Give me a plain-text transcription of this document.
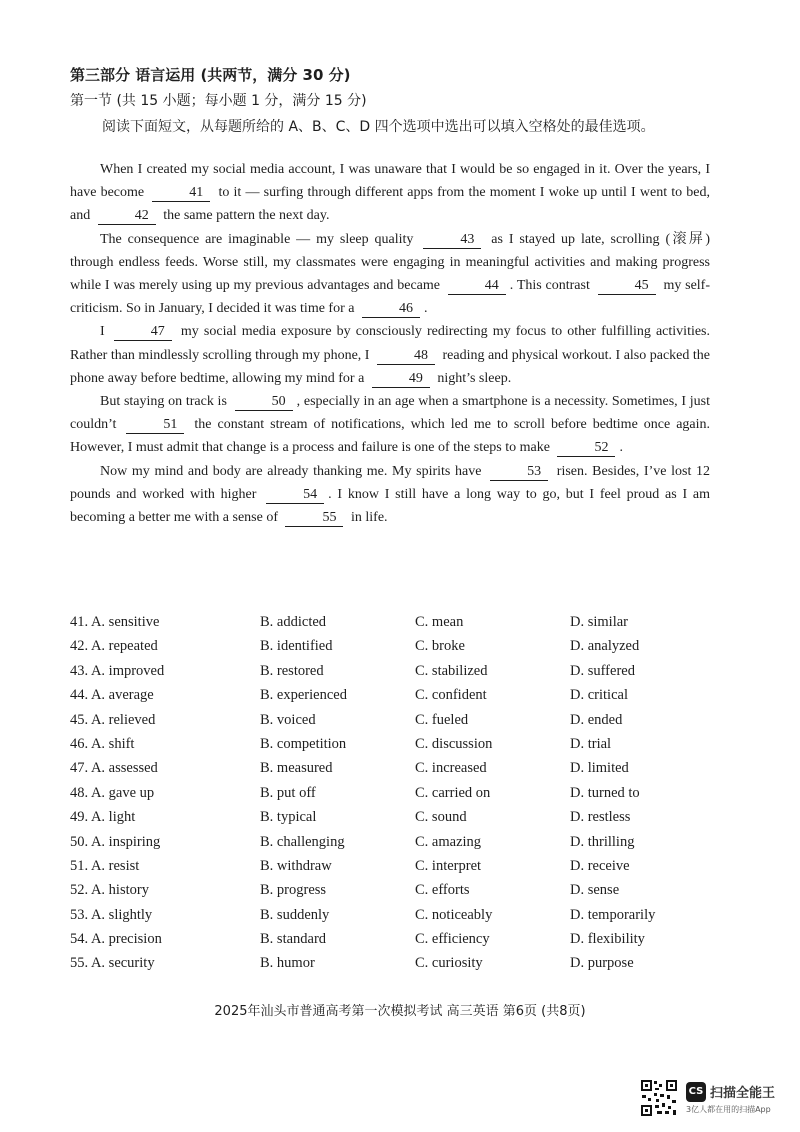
第三部分 语言运用 (共两节，满分 30 分)
第一节 (共 15 小题；每小题 1 分，满分 15 分)
阅读下面短文，从每题所给的 A、B、C、D 四个选项中选出可以填入空格处的最佳选项。

When I created my social media account, I was unaware that I would be so engaged in it. Over the years, I have become	41 to it — surfing through different apps from the moment I woke up until I went to bed, and	42 the same pattern the next day.

The consequence are imaginable — my sleep quality	43 as I stayed up late, scrolling (滚屏) through endless feeds. Worse still, my classmates were engaging in meaningful activities and making progress while I was merely using up my previous advantages and became	44 . This contrast	45 my self-criticism. So in January, I decided it was time for a	46 .

I	47 my social media exposure by consciously redirecting my focus to other fulfilling activities. Rather than mindlessly scrolling through my phone, I	48 reading and physical workout. I also packed the phone away before bedtime, allowing my mind for a	49 night’s sleep.

But staying on track is	50 , especially in an age when a smartphone is a necessity. Sometimes, I just couldn’t	51 the constant stream of notifications, which led me to scroll before bedtime once again. However, I must admit that change is a process and failure is one of the steps to make	52 .

Now my mind and body are already thanking me. My spirits have	53 risen. Besides, I’ve lost 12 pounds and worked with higher	54 . I know I still have a long way to go, but I feel proud as I am becoming a better me with a sense of	55 in life.

41. A. sensitive	B. addicted	C. mean	D. similar
42. A. repeated	B. identified	C. broke	D. analyzed
43. A. improved	B. restored	C. stabilized	D. suffered
44. A. average	B. experienced	C. confident	D. critical
45. A. relieved	B. voiced	C. fueled	D. ended
46. A. shift	B. competition	C. discussion	D. trial
47. A. assessed	B. measured	C. increased	D. limited
48. A. gave up	B. put off	C. carried on	D. turned to
49. A. light	B. typical	C. sound	D. restless
50. A. inspiring	B. challenging	C. amazing	D. thrilling
51. A. resist	B. withdraw	C. interpret	D. receive
52. A. history	B. progress	C. efforts	D. sense
53. A. slightly	B. suddenly	C. noticeably	D. temporarily
54. A. precision	B. standard	C. efficiency	D. flexibility
55. A. security	B. humor	C. curiosity	D. purpose
2025年汕头市普通高考第一次模拟考试 高三英语 第6页 (共8页)
CS 扫描全能王
3亿人都在用的扫描App
